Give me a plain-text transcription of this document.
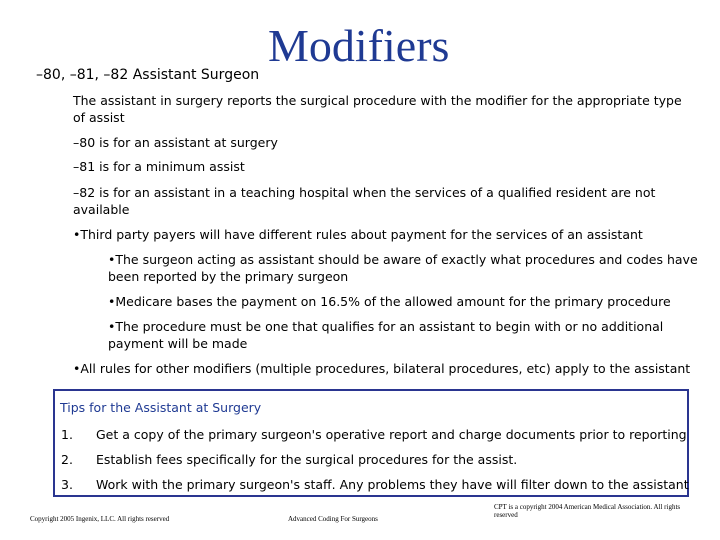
Modifiers
–80, –81, –82 Assistant Surgeon
The assistant in surgery reports the surgical procedure with the modifier for the appropriate type of assist
–80 is for an assistant at surgery
–81 is for a minimum assist
–82 is for an assistant in a teaching hospital when the services of a qualified resident are not available
•Third party payers will have different rules about payment for the services of an assistant
•The surgeon acting as assistant should be aware of exactly what procedures and codes have been reported by the primary surgeon
•Medicare bases the payment on 16.5% of the allowed amount for the primary procedure
•The procedure must be one that qualifies for an assistant to begin with or no additional payment will be made
•All rules for other modifiers (multiple procedures, bilateral procedures, etc) apply to the assistant
Tips for the Assistant at Surgery
1. Get a copy of the primary surgeon's operative report and charge documents prior to reporting
2. Establish fees specifically for the surgical procedures for the assist.
3. Work with the primary surgeon's staff. Any problems they have will filter down to the assistant
Copyright 2005 Ingenix, LLC. All rights reserved	Advanced Coding For Surgeons
CPT is a copyright 2004 American Medical Association. All rights reserved
